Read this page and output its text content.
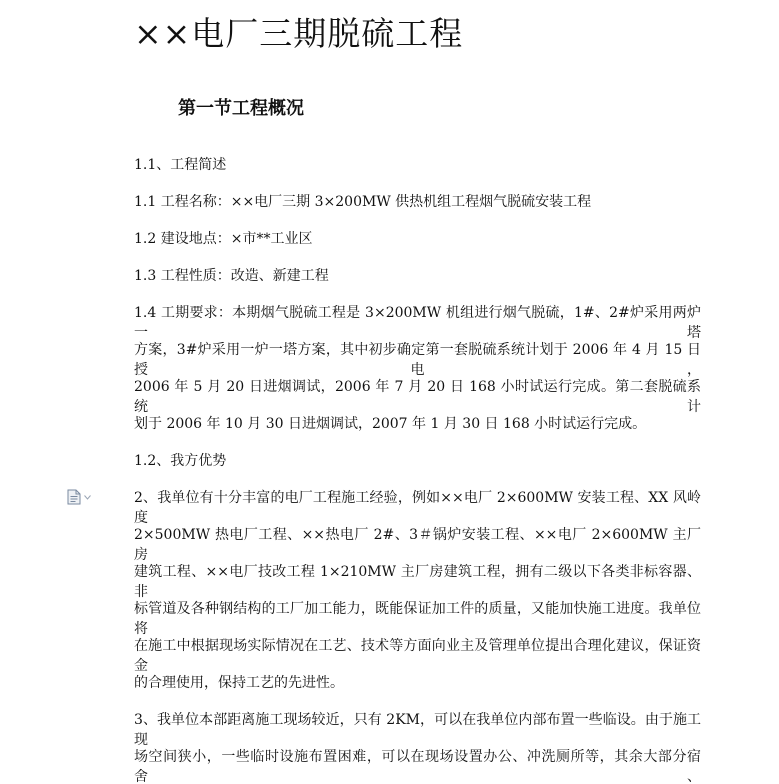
××电厂三期脱硫工程
第一节工程概况
1.1、工程简述
1.1 工程名称：××电厂三期 3×200MW 供热机组工程烟气脱硫安装工程
1.2 建设地点：×市**工业区
1.3 工程性质：改造、新建工程
1.4 工期要求：本期烟气脱硫工程是 3×200MW 机组进行烟气脱硫，1#、2#炉采用两炉一塔
方案，3#炉采用一炉一塔方案，其中初步确定第一套脱硫系统计划于 2006 年 4 月 15 日授电，
2006 年 5 月 20 日进烟调试，2006 年 7 月 20 日 168 小时试运行完成。第二套脱硫系统计
划于 2006 年 10 月 30 日进烟调试，2007 年 1 月 30 日 168 小时试运行完成。
1.2、我方优势
2、我单位有十分丰富的电厂工程施工经验，例如××电厂 2×600MW 安装工程、XX 风岭度
2×500MW 热电厂工程、××热电厂 2#、3＃锅炉安装工程、××电厂 2×600MW 主厂房
建筑工程、××电厂技改工程 1×210MW 主厂房建筑工程，拥有二级以下各类非标容器、非
标管道及各种钢结构的工厂加工能力，既能保证加工件的质量，又能加快施工进度。我单位将
在施工中根据现场实际情况在工艺、技术等方面向业主及管理单位提出合理化建议，保证资金
的合理使用，保持工艺的先进性。
3、我单位本部距离施工现场较近，只有 2KM，可以在我单位内部布置一些临设。由于施工现
场空间狭小，一些临时设施布置困难，可以在现场设置办公、冲洗厕所等，其余大部分宿舍、
